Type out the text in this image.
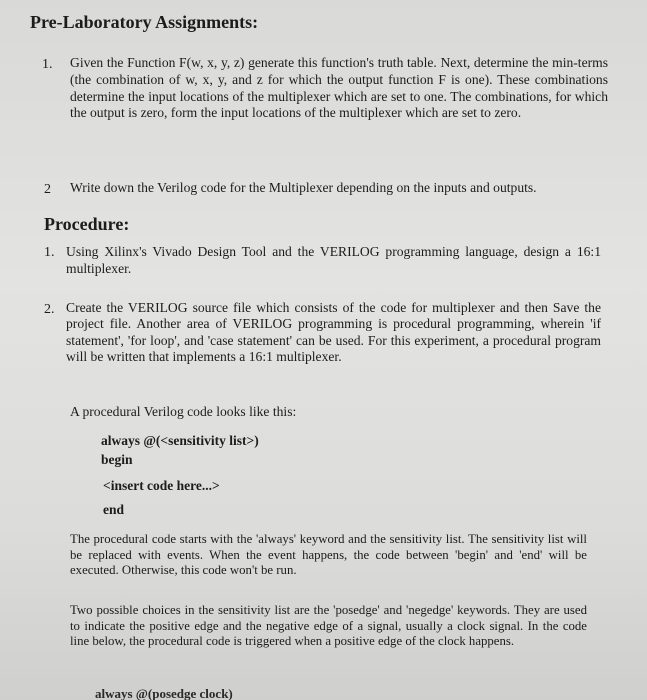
Pre-Laboratory Assignments:
1. Given the Function F(w, x, y, z) generate this function's truth table. Next, determine the min-terms (the combination of w, x, y, and z for which the output function F is one). These combinations determine the input locations of the multiplexer which are set to one. The combinations, for which the output is zero, form the input locations of the multiplexer which are set to zero.

2 Write down the Verilog code for the Multiplexer depending on the inputs and outputs.

Procedure:
1. Using Xilinx's Vivado Design Tool and the VERILOG programming language, design a 16:1 multiplexer.

2. Create the VERILOG source file which consists of the code for multiplexer and then Save the project file. Another area of VERILOG programming is procedural programming, wherein 'if statement', 'for loop', and 'case statement' can be used. For this experiment, a procedural program will be written that implements a 16:1 multiplexer.

A procedural Verilog code looks like this:

always @(<sensitivity list>)
begin
<insert code here...>
end

The procedural code starts with the 'always' keyword and the sensitivity list. The sensitivity list will be replaced with events. When the event happens, the code between 'begin' and 'end' will be executed. Otherwise, this code won't be run.

Two possible choices in the sensitivity list are the 'posedge' and 'negedge' keywords. They are used to indicate the positive edge and the negative edge of a signal, usually a clock signal. In the code line below, the procedural code is triggered when a positive edge of the clock happens.

always @(posedge clock)
